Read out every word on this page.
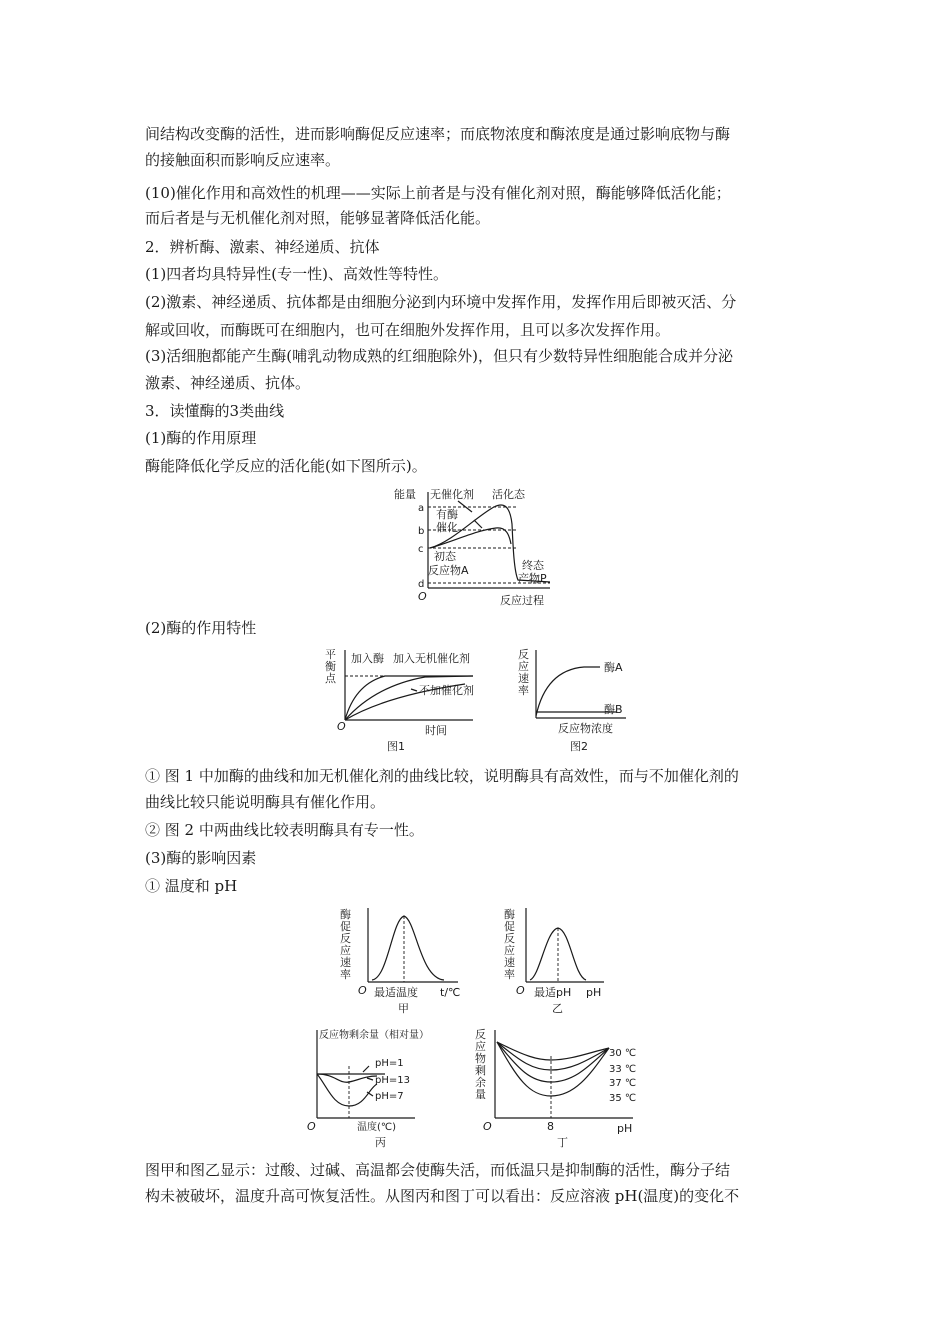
间结构改变酶的活性，进而影响酶促反应速率；而底物浓度和酶浓度是通过影响底物与酶
的接触面积而影响反应速率。
(10)催化作用和高效性的机理——实际上前者是与没有催化剂对照，酶能够降低活化能；
而后者是与无机催化剂对照，能够显著降低活化能。
2．辨析酶、激素、神经递质、抗体
(1)四者均具特异性(专一性)、高效性等特性。
(2)激素、神经递质、抗体都是由细胞分泌到内环境中发挥作用，发挥作用后即被灭活、分
解或回收，而酶既可在细胞内，也可在细胞外发挥作用，且可以多次发挥作用。
(3)活细胞都能产生酶(哺乳动物成熟的红细胞除外)，但只有少数特异性细胞能合成并分泌
激素、神经递质、抗体。
3．读懂酶的3类曲线
(1)酶的作用原理
酶能降低化学反应的活化能(如下图所示)。
能量 无催化剂 活化态
a
b
c
d
有酶
催化
初态
反应物A	终态
产物P
O	反应过程
(2)酶的作用特性
平
衡
点
加入酶 加入无机催化剂
不加催化剂
O	时间
图1
反
应
速
率
酶A
酶B
反应物浓度
图2
① 图 1 中加酶的曲线和加无机催化剂的曲线比较，说明酶具有高效性，而与不加催化剂的
曲线比较只能说明酶具有催化作用。
② 图 2 中两曲线比较表明酶具有专一性。
(3)酶的影响因素
① 温度和 pH
酶
促
反
应
速
率
O 最适温度 t/℃
甲
酶
促
反
应
速
率
O 最适pH pH
乙
反应物剩余量（相对量）
pH=1
pH=13
pH=7
O	温度(℃)
丙
反
应
物
剩
余
量
30 ℃
33 ℃
37 ℃
35 ℃
O	8	pH
丁
图甲和图乙显示：过酸、过碱、高温都会使酶失活，而低温只是抑制酶的活性，酶分子结
构未被破坏，温度升高可恢复活性。从图丙和图丁可以看出：反应溶液 pH(温度)的变化不
